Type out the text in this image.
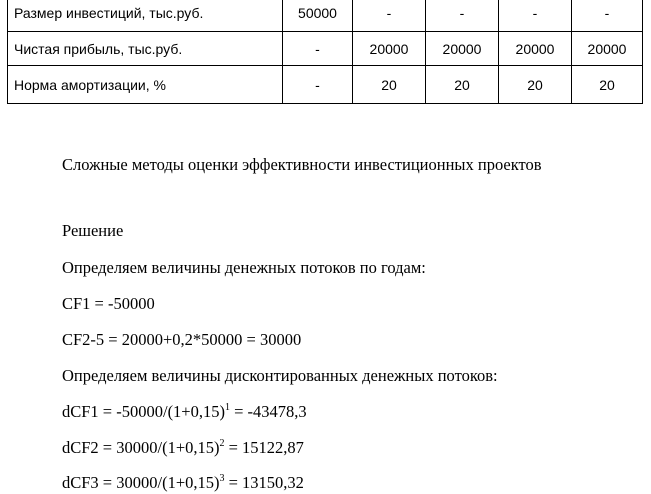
Размер инвестиций, тыс.руб.	50000	-	-	-	-
Чистая прибыль, тыс.руб.	-	20000	20000	20000	20000
Норма амортизации, %	-	20	20	20	20
Сложные методы оценки эффективности инвестиционных проектов
Решение
Определяем величины денежных потоков по годам:
CF1 = -50000
CF2-5 = 20000+0,2*50000 = 30000
Определяем величины дисконтированных денежных потоков:
$dCF1 = -50000/(1+0,15)^1 = -43478,3$
$dCF2 = 30000/(1+0,15)^2 = 15122,87$
$dCF3 = 30000/(1+0,15)^3 = 13150,32$
